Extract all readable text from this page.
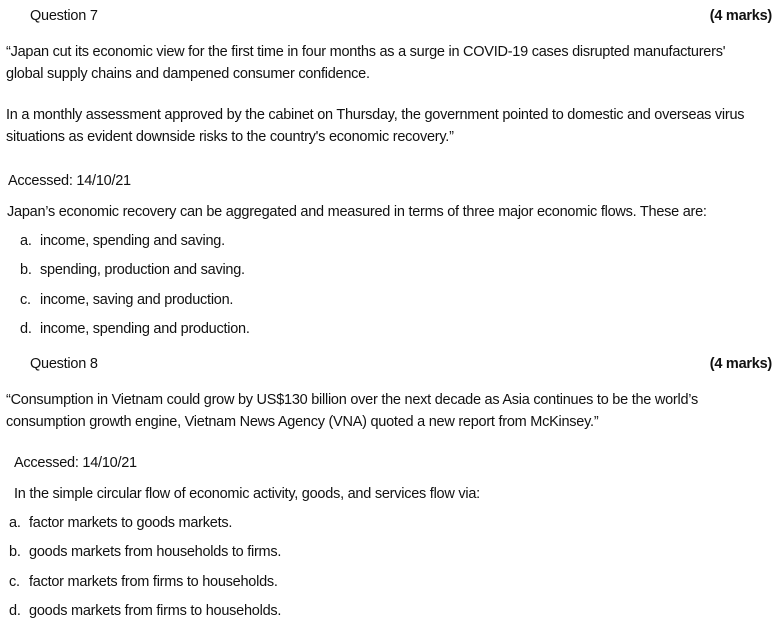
Question 7	(4 marks)
“Japan cut its economic view for the first time in four months as a surge in COVID-19 cases disrupted manufacturers'
global supply chains and dampened consumer confidence.
In a monthly assessment approved by the cabinet on Thursday, the government pointed to domestic and overseas virus
situations as evident downside risks to the country's economic recovery.”
Accessed: 14/10/21
Japan’s economic recovery can be aggregated and measured in terms of three major economic flows. These are:
a. income, spending and saving.
b. spending, production and saving.
c. income, saving and production.
d. income, spending and production.
Question 8	(4 marks)
“Consumption in Vietnam could grow by US$130 billion over the next decade as Asia continues to be the world’s
consumption growth engine, Vietnam News Agency (VNA) quoted a new report from McKinsey.”
Accessed: 14/10/21
In the simple circular flow of economic activity, goods, and services flow via:
a. factor markets to goods markets.
b. goods markets from households to firms.
c. factor markets from firms to households.
d. goods markets from firms to households.
